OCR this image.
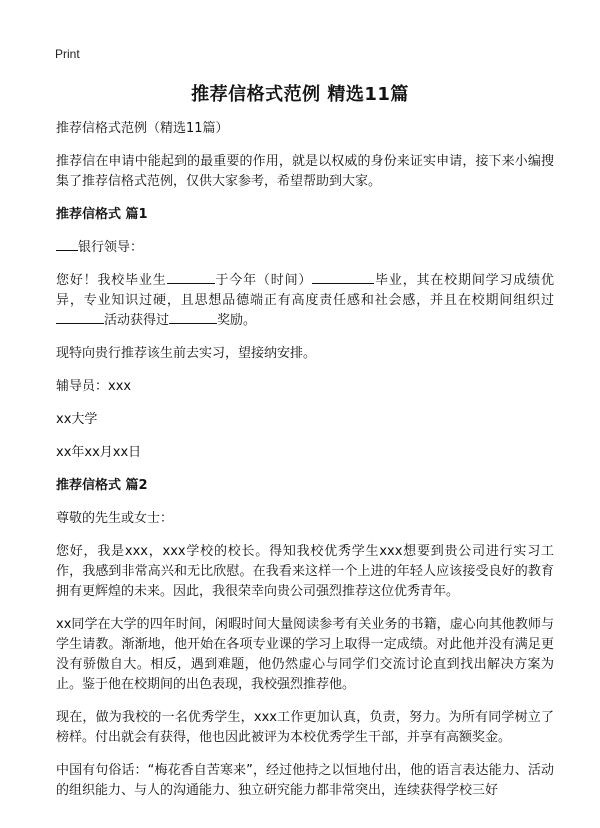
Print
推荐信格式范例 精选11篇

推荐信格式范例（精选11篇）

推荐信在申请中能起到的最重要的作用，就是以权威的身份来证实申请，接下来小编搜集了推荐信格式范例，仅供大家参考，希望帮助到大家。

推荐信格式 篇1

银行领导：

您好！我校毕业生	于今年（时间）	毕业，其在校期间学习成绩优异，专业知识过硬，且思想品德端正有高度责任感和社会感，并且在校期间组织过活动获得过	奖励。

现特向贵行推荐该生前去实习，望接纳安排。

辅导员：xxx

xx大学

xx年xx月xx日

推荐信格式 篇2

尊敬的先生或女士：

您好，我是xxx，xxx学校的校长。得知我校优秀学生xxx想要到贵公司进行实习工作，我感到非常高兴和无比欣慰。在我看来这样一个上进的年轻人应该接受良好的教育拥有更辉煌的未来。因此，我很荣幸向贵公司强烈推荐这位优秀青年。

xx同学在大学的四年时间，闲暇时间大量阅读参考有关业务的书籍，虚心向其他教师与学生请教。渐渐地，他开始在各项专业课的学习上取得一定成绩。对此他并没有满足更没有骄傲自大。相反，遇到难题，他仍然虚心与同学们交流讨论直到找出解决方案为止。鉴于他在校期间的出色表现，我校强烈推荐他。

现在，做为我校的一名优秀学生，xxx工作更加认真，负责，努力。为所有同学树立了榜样。付出就会有获得，他也因此被评为本校优秀学生干部，并享有高额奖金。

中国有句俗话：“梅花香自苦寒来”，经过他持之以恒地付出，他的语言表达能力、活动的组织能力、与人的沟通能力、独立研究能力都非常突出，连续获得学校三好
